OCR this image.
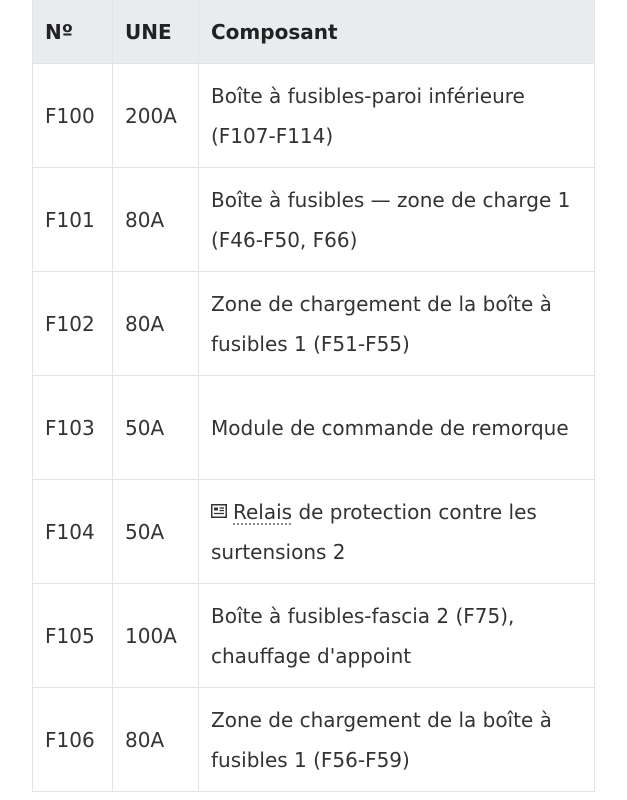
Nº	UNE	Composant
F100	200A	Boîte à fusibles-paroi inférieure (F107-F114)
F101	80A	Boîte à fusibles — zone de charge 1 (F46-F50, F66)
F102	80A	Zone de chargement de la boîte à fusibles 1 (F51-F55)
F103	50A	Module de commande de remorque
F104	50A	Relais de protection contre les surtensions 2
F105	100A	Boîte à fusibles-fascia 2 (F75), chauffage d'appoint
F106	80A	Zone de chargement de la boîte à fusibles 1 (F56-F59)
